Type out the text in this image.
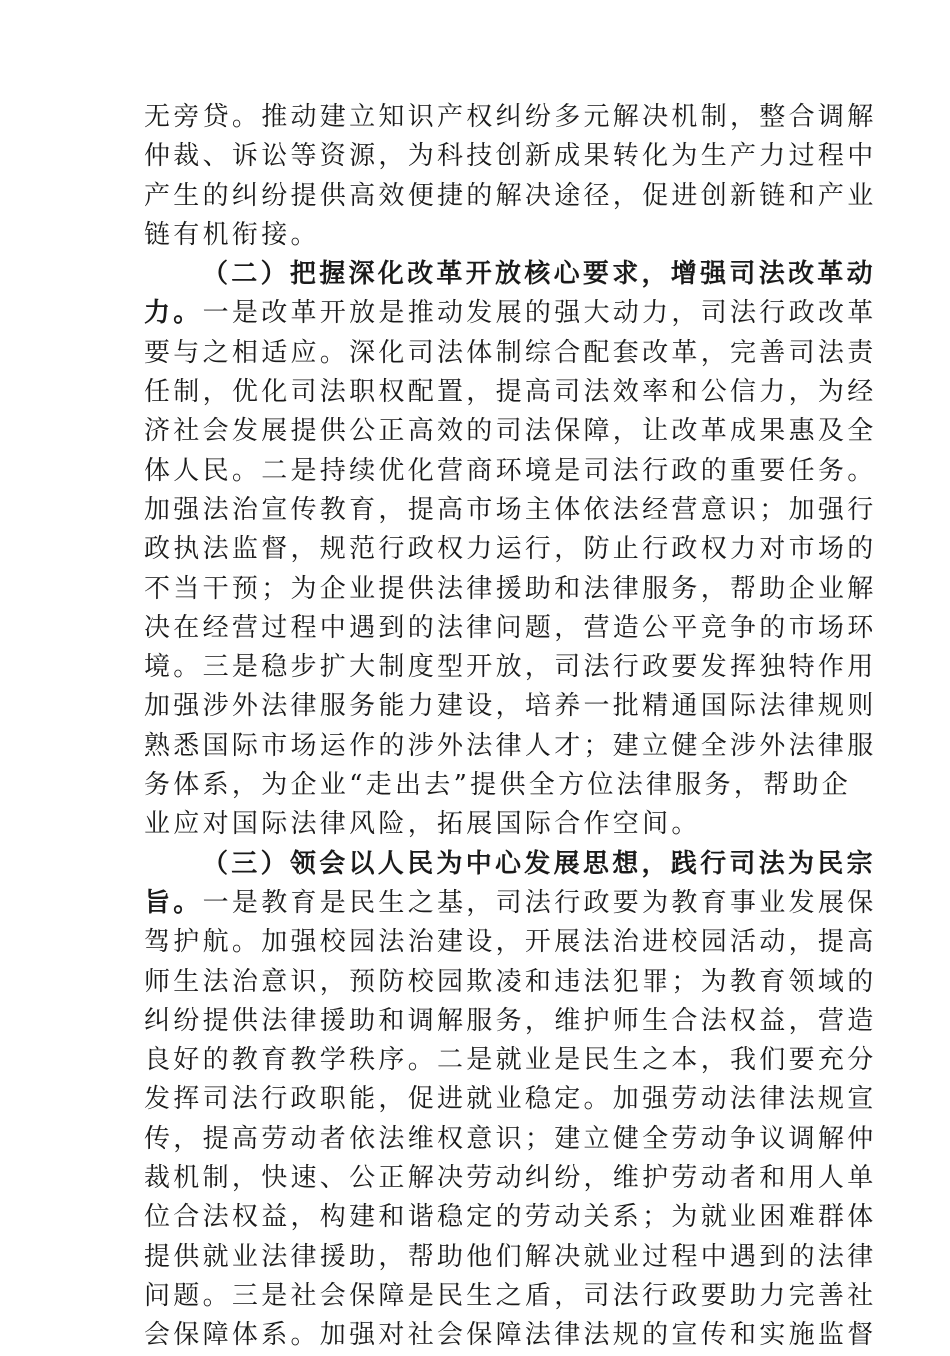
无旁贷。推动建立知识产权纠纷多元解决机制，整合调解
仲裁、诉讼等资源，为科技创新成果转化为生产力过程中
产生的纠纷提供高效便捷的解决途径，促进创新链和产业
链有机衔接。
（二）把握深化改革开放核心要求，增强司法改革动
力。一是改革开放是推动发展的强大动力，司法行政改革
要与之相适应。深化司法体制综合配套改革，完善司法责
任制，优化司法职权配置，提高司法效率和公信力，为经
济社会发展提供公正高效的司法保障，让改革成果惠及全
体人民。二是持续优化营商环境是司法行政的重要任务。
加强法治宣传教育，提高市场主体依法经营意识；加强行
政执法监督，规范行政权力运行，防止行政权力对市场的
不当干预；为企业提供法律援助和法律服务，帮助企业解
决在经营过程中遇到的法律问题，营造公平竞争的市场环
境。三是稳步扩大制度型开放，司法行政要发挥独特作用
加强涉外法律服务能力建设，培养一批精通国际法律规则
熟悉国际市场运作的涉外法律人才；建立健全涉外法律服
务体系，为企业“走出去”提供全方位法律服务，帮助企
业应对国际法律风险，拓展国际合作空间。
（三）领会以人民为中心发展思想，践行司法为民宗
旨。一是教育是民生之基，司法行政要为教育事业发展保
驾护航。加强校园法治建设，开展法治进校园活动，提高
师生法治意识，预防校园欺凌和违法犯罪；为教育领域的
纠纷提供法律援助和调解服务，维护师生合法权益，营造
良好的教育教学秩序。二是就业是民生之本，我们要充分
发挥司法行政职能，促进就业稳定。加强劳动法律法规宣
传，提高劳动者依法维权意识；建立健全劳动争议调解仲
裁机制，快速、公正解决劳动纠纷，维护劳动者和用人单
位合法权益，构建和谐稳定的劳动关系；为就业困难群体
提供就业法律援助，帮助他们解决就业过程中遇到的法律
问题。三是社会保障是民生之盾，司法行政要助力完善社
会保障体系。加强对社会保障法律法规的宣传和实施监督
